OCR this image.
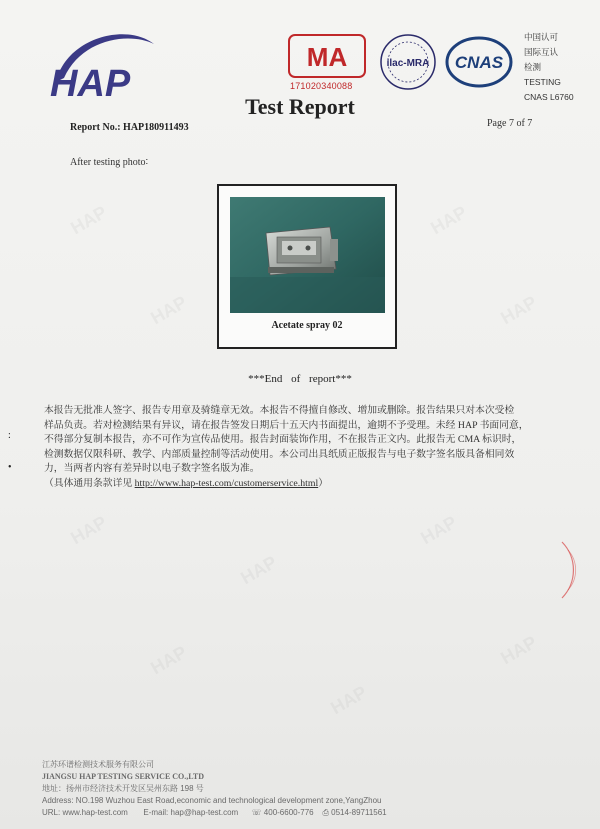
HAP	HAP
HAP	HAP
HAP
HAP
HAP
HAP
HAP
HAP
HAP
MA
171020340088
ilac-MRA CNAS
中国认可
国际互认
检测
TESTING
CNAS L6760
Test Report
Report No.: HAP180911493	Page 7 of 7
After testing photo∶
Acetate spray 02
***End of report***
:

•

本报告无批准人签字、报告专用章及骑缝章无效。本报告不得擅自修改、增加或删除。报告结果只对本次受检

样品负责。若对检测结果有异议，请在报告签发日期后十五天内书面提出，逾期不予受理。未经 HAP 书面同意，

不得部分复制本报告，亦不可作为宣传品使用。报告封面装饰作用，不在报告正文内。此报告无 CMA 标识时，

检测数据仅限科研、教学、内部质量控制等活动使用。本公司出具纸质正版报告与电子数字签名版具备相同效

力，当两者内容有差异时以电子数字签名版为准。

（具体通用条款详见 http://www.hap-test.com/customerservice.html）

江苏环谱检测技术服务有限公司
JIANGSU HAP TESTING SERVICE CO.,LTD
地址：扬州市经济技术开发区吴州东路 198 号
Address: NO.198 Wuzhou East Road,economic and technological development zone,YangZhou
URL: www.hap-test.com E-mail: hap@hap-test.com ☏ 400-6600-776 ⎙ 0514-89711561
